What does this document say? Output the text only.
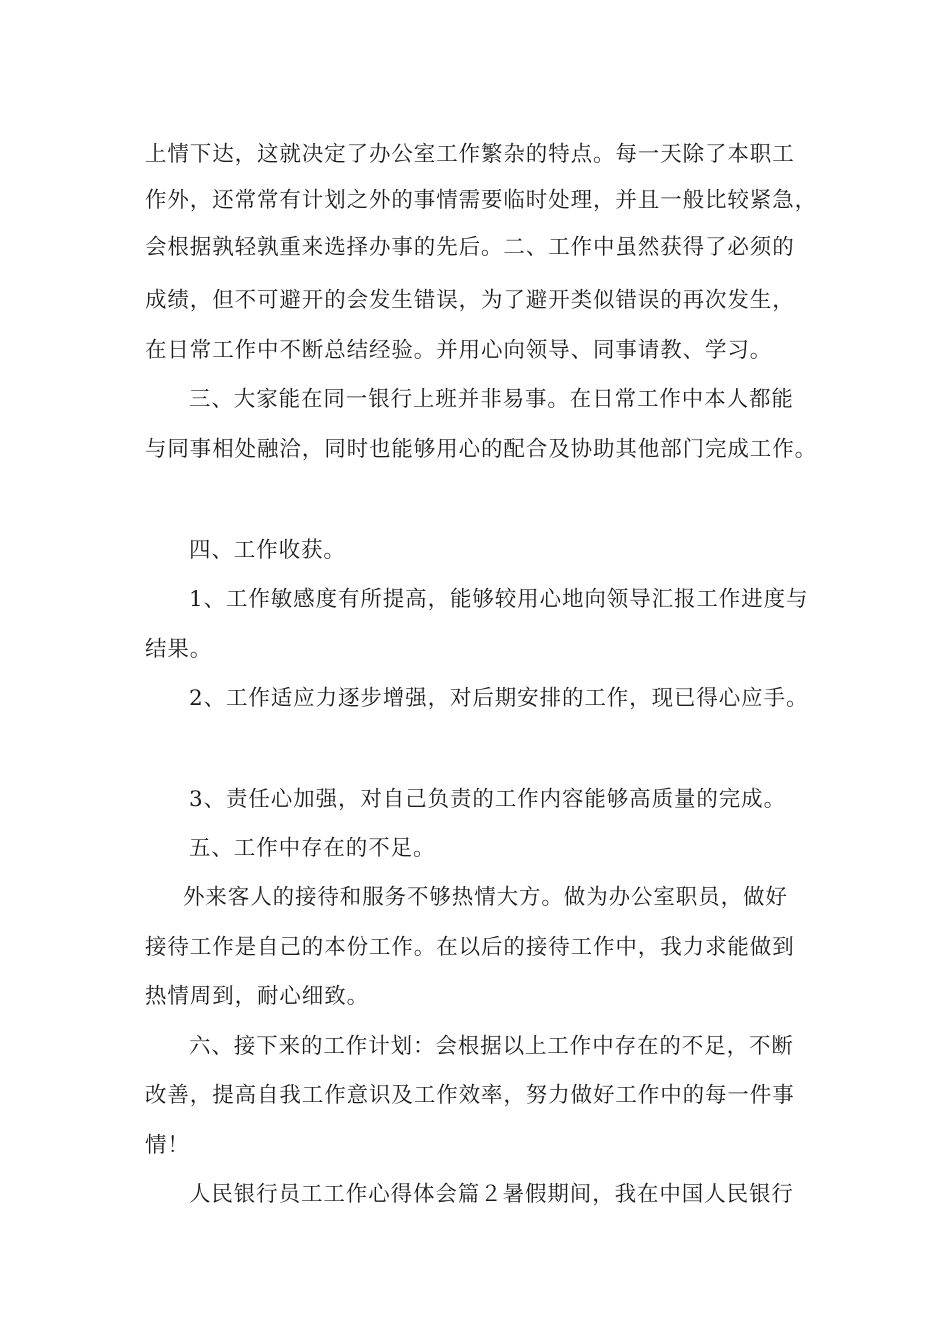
上情下达，这就决定了办公室工作繁杂的特点。每一天除了本职工

作外，还常常有计划之外的事情需要临时处理，并且一般比较紧急，

会根据孰轻孰重来选择办事的先后。二、工作中虽然获得了必须的

成绩，但不可避开的会发生错误，为了避开类似错误的再次发生，

在日常工作中不断总结经验。并用心向领导、同事请教、学习。

三、大家能在同一银行上班并非易事。在日常工作中本人都能

与同事相处融洽，同时也能够用心的配合及协助其他部门完成工作。

四、工作收获。

1、工作敏感度有所提高，能够较用心地向领导汇报工作进度与

结果。

2、工作适应力逐步增强，对后期安排的工作，现已得心应手。

3、责任心加强，对自己负责的工作内容能够高质量的完成。

五、工作中存在的不足。

外来客人的接待和服务不够热情大方。做为办公室职员，做好

接待工作是自己的本份工作。在以后的接待工作中，我力求能做到

热情周到，耐心细致。

六、接下来的工作计划：会根据以上工作中存在的不足，不断

改善，提高自我工作意识及工作效率，努力做好工作中的每一件事

情！

人民银行员工工作心得体会篇２暑假期间，我在中国人民银行
